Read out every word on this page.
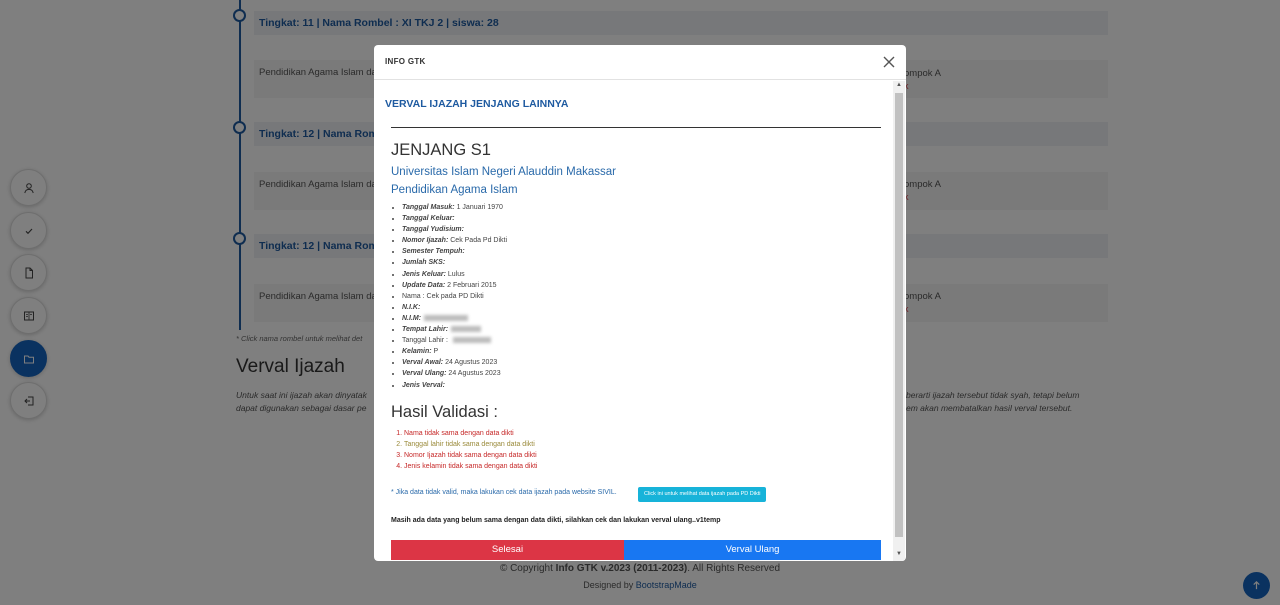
INFO GTK
VERVAL IJAZAH JENJANG LAINNYA
JENJANG S1
Universitas Islam Negeri Alauddin Makassar
Pendidikan Agama Islam
• Tanggal Masuk: 1 Januari 1970
• Tanggal Keluar:
• Tanggal Yudisium:
• Nomor Ijazah: Cek Pada Pd Dikti
• Semester Tempuh:
• Jumlah SKS:
• Jenis Keluar: Lulus
• Update Data: 2 Februari 2015
• Nama : Cek pada PD Dikti
• N.I.K:
• N.I.M:
• Tempat Lahir:
• Tanggal Lahir :
• Kelamin: P
• Verval Awal: 24 Agustus 2023
• Verval Ulang: 24 Agustus 2023
• Jenis Verval:
Hasil Validasi :
1. Nama tidak sama dengan data dikti
2. Tanggal lahir tidak sama dengan data dikti
3. Nomor Ijazah tidak sama dengan data dikti
4. Jenis kelamin tidak sama dengan data dikti
* Jika data tidak valid, maka lakukan cek data ijazah pada website SIVIL.	Click ini untuk melihat data ijazah pada PD Dikti
Masih ada data yang belum sama dengan data dikti, silahkan cek dan lakukan verval ulang..v1temp
Selesai	Verval Ulang
▲
▼
